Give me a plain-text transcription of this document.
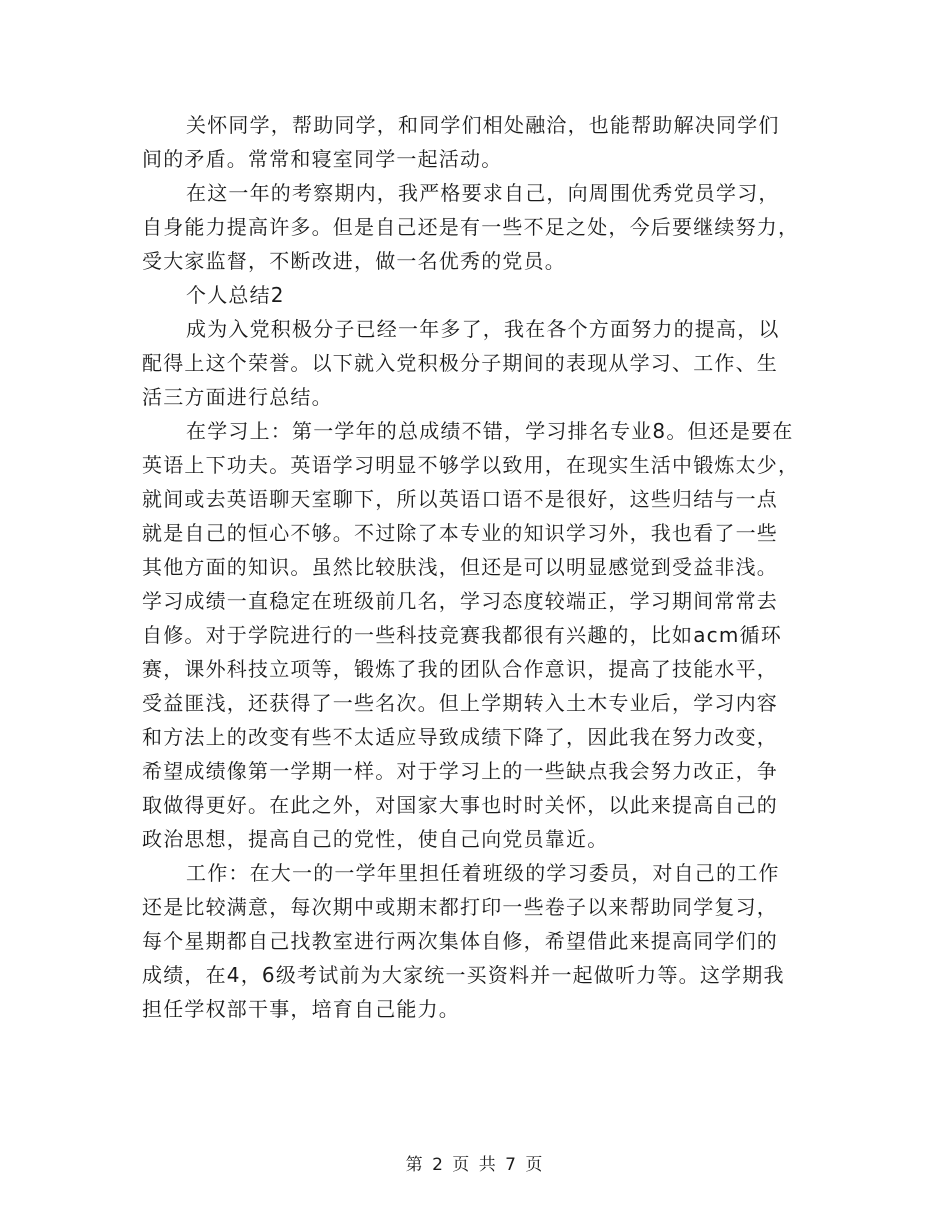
关怀同学，帮助同学，和同学们相处融洽，也能帮助解决同学们
间的矛盾。常常和寝室同学一起活动。
在这一年的考察期内，我严格要求自己，向周围优秀党员学习，
自身能力提高许多。但是自己还是有一些不足之处，今后要继续努力，
受大家监督，不断改进，做一名优秀的党员。
个人总结2
成为入党积极分子已经一年多了，我在各个方面努力的提高，以
配得上这个荣誉。以下就入党积极分子期间的表现从学习、工作、生
活三方面进行总结。
在学习上：第一学年的总成绩不错，学习排名专业8。但还是要在
英语上下功夫。英语学习明显不够学以致用，在现实生活中锻炼太少，
就间或去英语聊天室聊下，所以英语口语不是很好，这些归结与一点
就是自己的恒心不够。不过除了本专业的知识学习外，我也看了一些
其他方面的知识。虽然比较肤浅，但还是可以明显感觉到受益非浅。
学习成绩一直稳定在班级前几名，学习态度较端正，学习期间常常去
自修。对于学院进行的一些科技竞赛我都很有兴趣的，比如acm循环
赛，课外科技立项等，锻炼了我的团队合作意识，提高了技能水平，
受益匪浅，还获得了一些名次。但上学期转入土木专业后，学习内容
和方法上的改变有些不太适应导致成绩下降了，因此我在努力改变，
希望成绩像第一学期一样。对于学习上的一些缺点我会努力改正，争
取做得更好。在此之外，对国家大事也时时关怀，以此来提高自己的
政治思想，提高自己的党性，使自己向党员靠近。
工作：在大一的一学年里担任着班级的学习委员，对自己的工作
还是比较满意，每次期中或期末都打印一些卷子以来帮助同学复习，
每个星期都自己找教室进行两次集体自修，希望借此来提高同学们的
成绩，在4，6级考试前为大家统一买资料并一起做听力等。这学期我
担任学权部干事，培育自己能力。
第 2 页 共 7 页
